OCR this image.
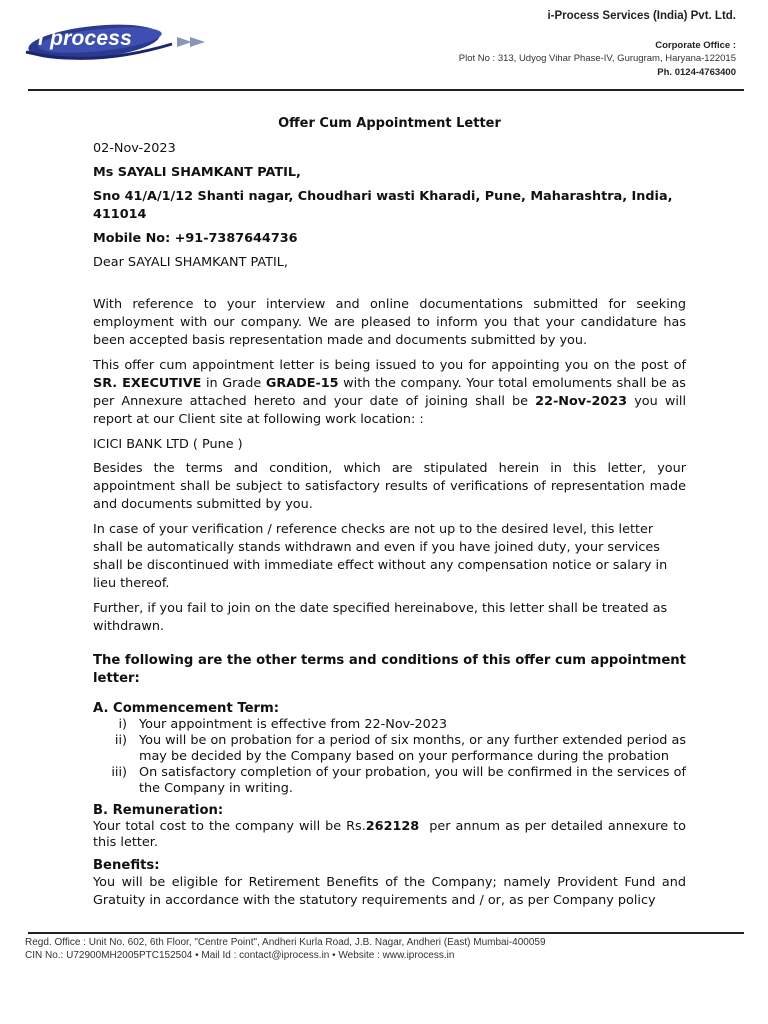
i process
i-Process Services (India) Pvt. Ltd.
Corporate Office :
Plot No : 313, Udyog Vihar Phase-IV, Gurugram, Haryana-122015
Ph. 0124-4763400
Offer Cum Appointment Letter

02-Nov-2023

Ms SAYALI SHAMKANT PATIL,

Sno 41/A/1/12 Shanti nagar, Choudhari wasti Kharadi, Pune, Maharashtra, India, 411014

Mobile No: +91-7387644736

Dear SAYALI SHAMKANT PATIL,

With reference to your interview and online documentations submitted for seeking employment with our company. We are pleased to inform you that your candidature has been accepted basis representation made and documents submitted by you.

This offer cum appointment letter is being issued to you for appointing you on the post of SR. EXECUTIVE in Grade GRADE-15 with the company. Your total emoluments shall be as per Annexure attached hereto and your date of joining shall be 22-Nov-2023 you will report at our Client site at following work location: :

ICICI BANK LTD ( Pune )

Besides the terms and condition, which are stipulated herein in this letter, your appointment shall be subject to satisfactory results of verifications of representation made and documents submitted by you.

In case of your verification / reference checks are not up to the desired level, this letter shall be automatically stands withdrawn and even if you have joined duty, your services shall be discontinued with immediate effect without any compensation notice or salary in lieu thereof.

Further, if you fail to join on the date specified hereinabove, this letter shall be treated as withdrawn.

The following are the other terms and conditions of this offer cum appointment letter:

A. Commencement Term:

i) Your appointment is effective from 22-Nov-2023
ii) You will be on probation for a period of six months, or any further extended period as may be decided by the Company based on your performance during the probation
iii) On satisfactory completion of your probation, you will be confirmed in the services of the Company in writing.

B. Remuneration:

Your total cost to the company will be Rs.262128  per annum as per detailed annexure to this letter.

Benefits:

You will be eligible for Retirement Benefits of the Company; namely Provident Fund and Gratuity in accordance with the statutory requirements and / or, as per Company policy

Regd. Office : Unit No. 602, 6th Floor, "Centre Point", Andheri Kurla Road, J.B. Nagar, Andheri (East) Mumbai-400059
CIN No.: U72900MH2005PTC152504 • Mail Id : contact@iprocess.in • Website : www.iprocess.in
